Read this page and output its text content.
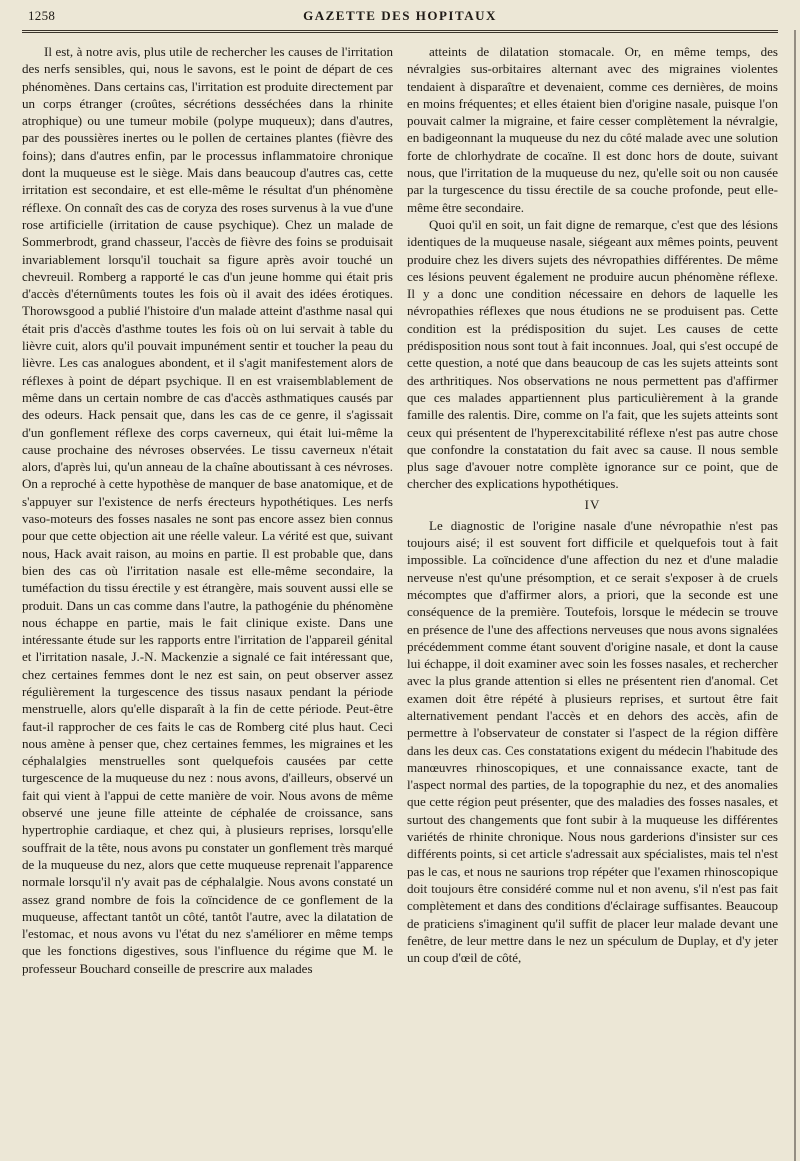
1258	GAZETTE DES HOPITAUX

Il est, à notre avis, plus utile de rechercher les causes de l'irritation des nerfs sensibles, qui, nous le savons, est le point de départ de ces phénomènes. Dans certains cas, l'irritation est produite directement par un corps étranger (croûtes, sécrétions desséchées dans la rhinite atrophique) ou une tumeur mobile (polype muqueux); dans d'autres, par des poussières inertes ou le pollen de certaines plantes (fièvre des foins); dans d'autres enfin, par le processus inflammatoire chronique dont la muqueuse est le siège. Mais dans beaucoup d'autres cas, cette irritation est secondaire, et est elle-même le résultat d'un phénomène réflexe. On connaît des cas de coryza des roses survenus à la vue d'une rose artificielle (irritation de cause psychique). Chez un malade de Sommerbrodt, grand chasseur, l'accès de fièvre des foins se produisait invariablement lorsqu'il touchait sa figure après avoir touché un chevreuil. Romberg a rapporté le cas d'un jeune homme qui était pris d'accès d'éternûments toutes les fois où il avait des idées érotiques. Thorowsgood a publié l'histoire d'un malade atteint d'asthme nasal qui était pris d'accès d'asthme toutes les fois où on lui servait à table du lièvre cuit, alors qu'il pouvait impunément sentir et toucher la peau du lièvre. Les cas analogues abondent, et il s'agit manifestement alors de réflexes à point de départ psychique. Il en est vraisemblablement de même dans un certain nombre de cas d'accès asthmatiques causés par des odeurs. Hack pensait que, dans les cas de ce genre, il s'agissait d'un gonflement réflexe des corps caverneux, qui était lui-même la cause prochaine des névroses observées. Le tissu caverneux n'était alors, d'après lui, qu'un anneau de la chaîne aboutissant à ces névroses. On a reproché à cette hypothèse de manquer de base anatomique, et de s'appuyer sur l'existence de nerfs érecteurs hypothétiques. Les nerfs vaso-moteurs des fosses nasales ne sont pas encore assez bien connus pour que cette objection ait une réelle valeur. La vérité est que, suivant nous, Hack avait raison, au moins en partie. Il est probable que, dans bien des cas où l'irritation nasale est elle-même secondaire, la tuméfaction du tissu érectile y est étrangère, mais souvent aussi elle se produit. Dans un cas comme dans l'autre, la pathogénie du phénomène nous échappe en partie, mais le fait clinique existe. Dans une intéressante étude sur les rapports entre l'irritation de l'appareil génital et l'irritation nasale, J.-N. Mackenzie a signalé ce fait intéressant que, chez certaines femmes dont le nez est sain, on peut observer assez régulièrement la turgescence des tissus nasaux pendant la période menstruelle, alors qu'elle disparaît à la fin de cette période. Peut-être faut-il rapprocher de ces faits le cas de Romberg cité plus haut. Ceci nous amène à penser que, chez certaines femmes, les migraines et les céphalalgies menstruelles sont quelquefois causées par cette turgescence de la muqueuse du nez : nous avons, d'ailleurs, observé un fait qui vient à l'appui de cette manière de voir. Nous avons de même observé une jeune fille atteinte de céphalée de croissance, sans hypertrophie cardiaque, et chez qui, à plusieurs reprises, lorsqu'elle souffrait de la tête, nous avons pu constater un gonflement très marqué de la muqueuse du nez, alors que cette muqueuse reprenait l'apparence normale lorsqu'il n'y avait pas de céphalalgie. Nous avons constaté un assez grand nombre de fois la coïncidence de ce gonflement de la muqueuse, affectant tantôt un côté, tantôt l'autre, avec la dilatation de l'estomac, et nous avons vu l'état du nez s'améliorer en même temps que les fonctions digestives, sous l'influence du régime que M. le professeur Bouchard conseille de prescrire aux malades

atteints de dilatation stomacale. Or, en même temps, des névralgies sus-orbitaires alternant avec des migraines violentes tendaient à disparaître et devenaient, comme ces dernières, de moins en moins fréquentes; et elles étaient bien d'origine nasale, puisque l'on pouvait calmer la migraine, et faire cesser complètement la névralgie, en badigeonnant la muqueuse du nez du côté malade avec une solution forte de chlorhydrate de cocaïne. Il est donc hors de doute, suivant nous, que l'irritation de la muqueuse du nez, qu'elle soit ou non causée par la turgescence du tissu érectile de sa couche profonde, peut elle-même être secondaire.

Quoi qu'il en soit, un fait digne de remarque, c'est que des lésions identiques de la muqueuse nasale, siégeant aux mêmes points, peuvent produire chez les divers sujets des névropathies différentes. De même ces lésions peuvent également ne produire aucun phénomène réflexe. Il y a donc une condition nécessaire en dehors de laquelle les névropathies réflexes que nous étudions ne se produisent pas. Cette condition est la prédisposition du sujet. Les causes de cette prédisposition nous sont tout à fait inconnues. Joal, qui s'est occupé de cette question, a noté que dans beaucoup de cas les sujets atteints sont des arthritiques. Nos observations ne nous permettent pas d'affirmer que ces malades appartiennent plus particulièrement à la grande famille des ralentis. Dire, comme on l'a fait, que les sujets atteints sont ceux qui présentent de l'hyperexcitabilité réflexe n'est pas autre chose que confondre la constatation du fait avec sa cause. Il nous semble plus sage d'avouer notre complète ignorance sur ce point, que de chercher des explications hypothétiques.

IV

Le diagnostic de l'origine nasale d'une névropathie n'est pas toujours aisé; il est souvent fort difficile et quelquefois tout à fait impossible. La coïncidence d'une affection du nez et d'une maladie nerveuse n'est qu'une présomption, et ce serait s'exposer à de cruels mécomptes que d'affirmer alors, a priori, que la seconde est une conséquence de la première. Toutefois, lorsque le médecin se trouve en présence de l'une des affections nerveuses que nous avons signalées précédemment comme étant souvent d'origine nasale, et dont la cause lui échappe, il doit examiner avec soin les fosses nasales, et rechercher avec la plus grande attention si elles ne présentent rien d'anomal. Cet examen doit être répété à plusieurs reprises, et surtout être fait alternativement pendant l'accès et en dehors des accès, afin de permettre à l'observateur de constater si l'aspect de la région diffère dans les deux cas. Ces constatations exigent du médecin l'habitude des manœuvres rhinoscopiques, et une connaissance exacte, tant de l'aspect normal des parties, de la topographie du nez, et des anomalies que cette région peut présenter, que des maladies des fosses nasales, et surtout des changements que font subir à la muqueuse les différentes variétés de rhinite chronique. Nous nous garderions d'insister sur ces différents points, si cet article s'adressait aux spécialistes, mais tel n'est pas le cas, et nous ne saurions trop répéter que l'examen rhinoscopique doit toujours être considéré comme nul et non avenu, s'il n'est pas fait complètement et dans des conditions d'éclairage suffisantes. Beaucoup de praticiens s'imaginent qu'il suffit de placer leur malade devant une fenêtre, de leur mettre dans le nez un spéculum de Duplay, et d'y jeter un coup d'œil de côté,
